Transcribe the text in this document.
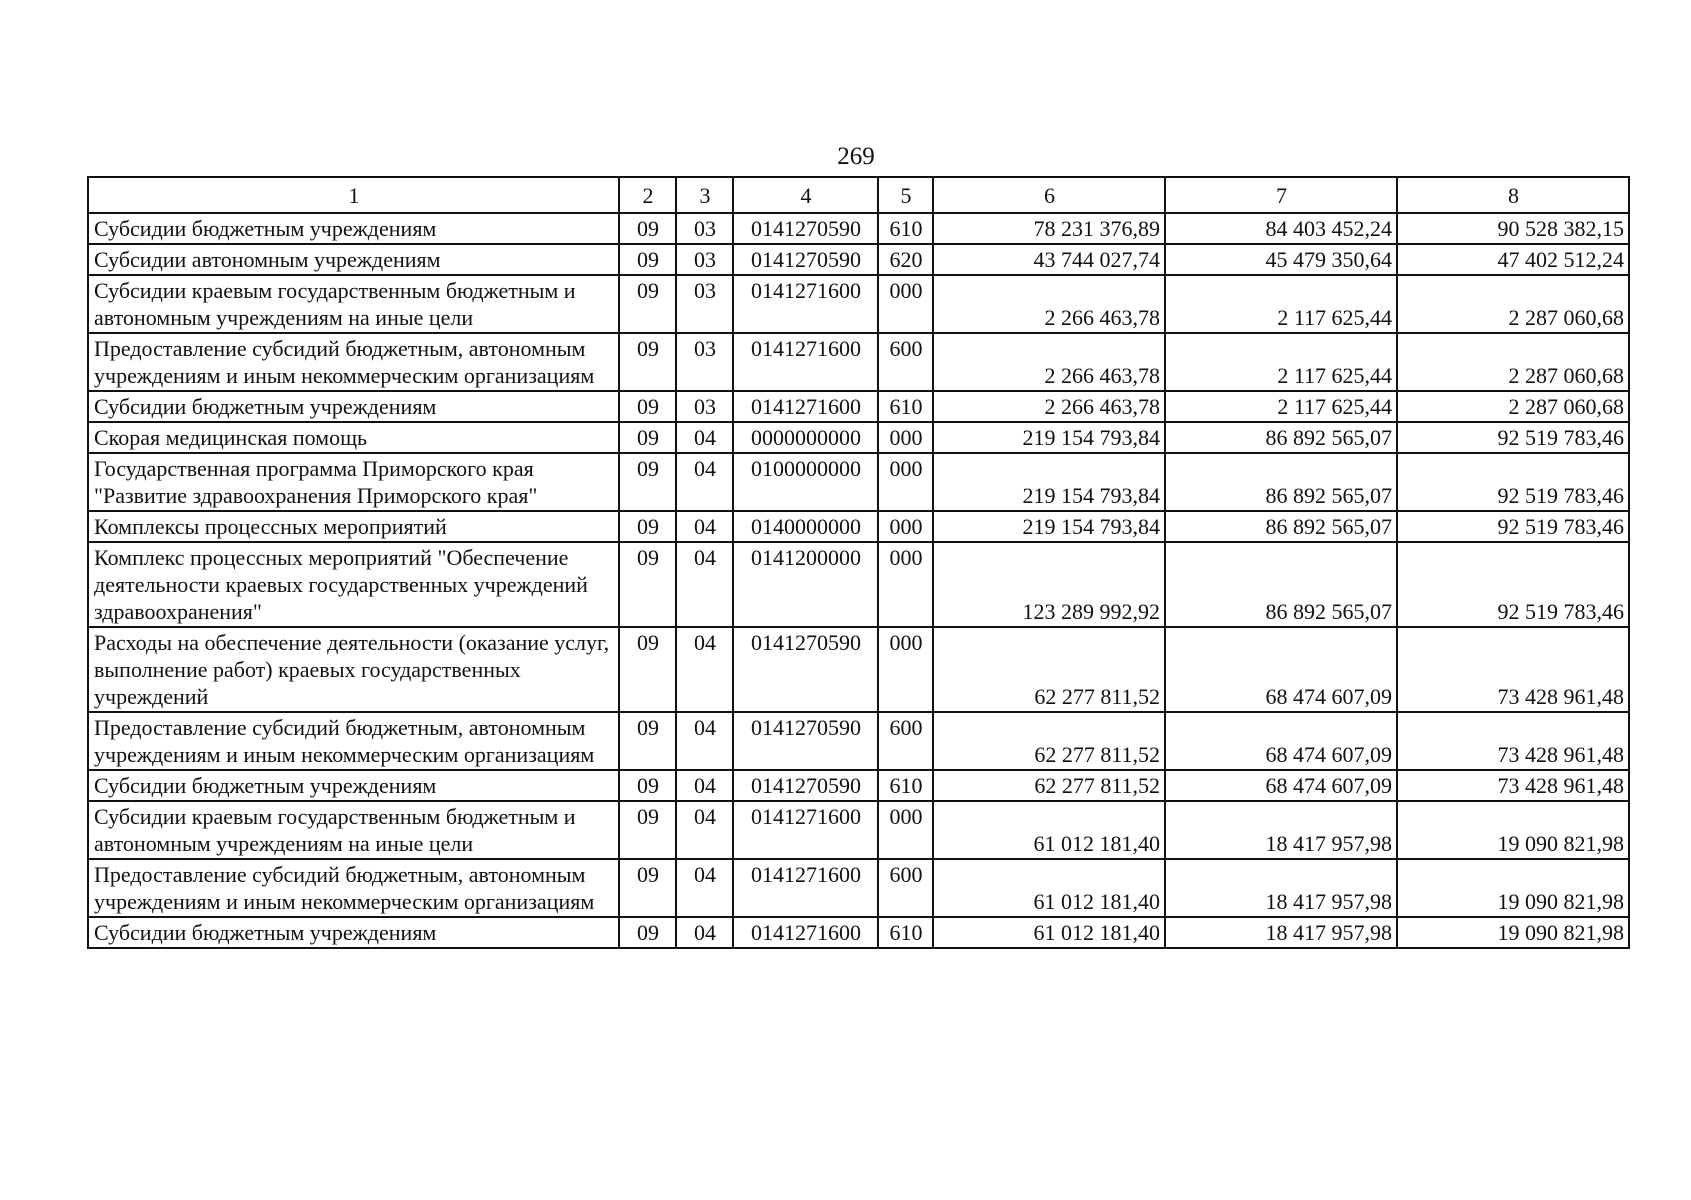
269
1	2	3	4	5	6	7	8
Субсидии бюджетным учреждениям	09	03	0141270590	610	78 231 376,89	84 403 452,24	90 528 382,15
Субсидии автономным учреждениям	09	03	0141270590	620	43 744 027,74	45 479 350,64	47 402 512,24
Субсидии краевым государственным бюджетным и автономным учреждениям на иные цели	09	03	0141271600	000	2 266 463,78	2 117 625,44	2 287 060,68
Предоставление субсидий бюджетным, автономным учреждениям и иным некоммерческим организациям	09	03	0141271600	600	2 266 463,78	2 117 625,44	2 287 060,68
Субсидии бюджетным учреждениям	09	03	0141271600	610	2 266 463,78	2 117 625,44	2 287 060,68
Скорая медицинская помощь	09	04	0000000000	000	219 154 793,84	86 892 565,07	92 519 783,46
Государственная программа Приморского края "Развитие здравоохранения Приморского края"	09	04	0100000000	000	219 154 793,84	86 892 565,07	92 519 783,46
Комплексы процессных мероприятий	09	04	0140000000	000	219 154 793,84	86 892 565,07	92 519 783,46
Комплекс процессных мероприятий "Обеспечение деятельности краевых государственных учреждений здравоохранения"	09	04	0141200000	000	123 289 992,92	86 892 565,07	92 519 783,46
Расходы на обеспечение деятельности (оказание услуг, выполнение работ) краевых государственных учреждений	09	04	0141270590	000	62 277 811,52	68 474 607,09	73 428 961,48
Предоставление субсидий бюджетным, автономным учреждениям и иным некоммерческим организациям	09	04	0141270590	600	62 277 811,52	68 474 607,09	73 428 961,48
Субсидии бюджетным учреждениям	09	04	0141270590	610	62 277 811,52	68 474 607,09	73 428 961,48
Субсидии краевым государственным бюджетным и автономным учреждениям на иные цели	09	04	0141271600	000	61 012 181,40	18 417 957,98	19 090 821,98
Предоставление субсидий бюджетным, автономным учреждениям и иным некоммерческим организациям	09	04	0141271600	600	61 012 181,40	18 417 957,98	19 090 821,98
Субсидии бюджетным учреждениям	09	04	0141271600	610	61 012 181,40	18 417 957,98	19 090 821,98
